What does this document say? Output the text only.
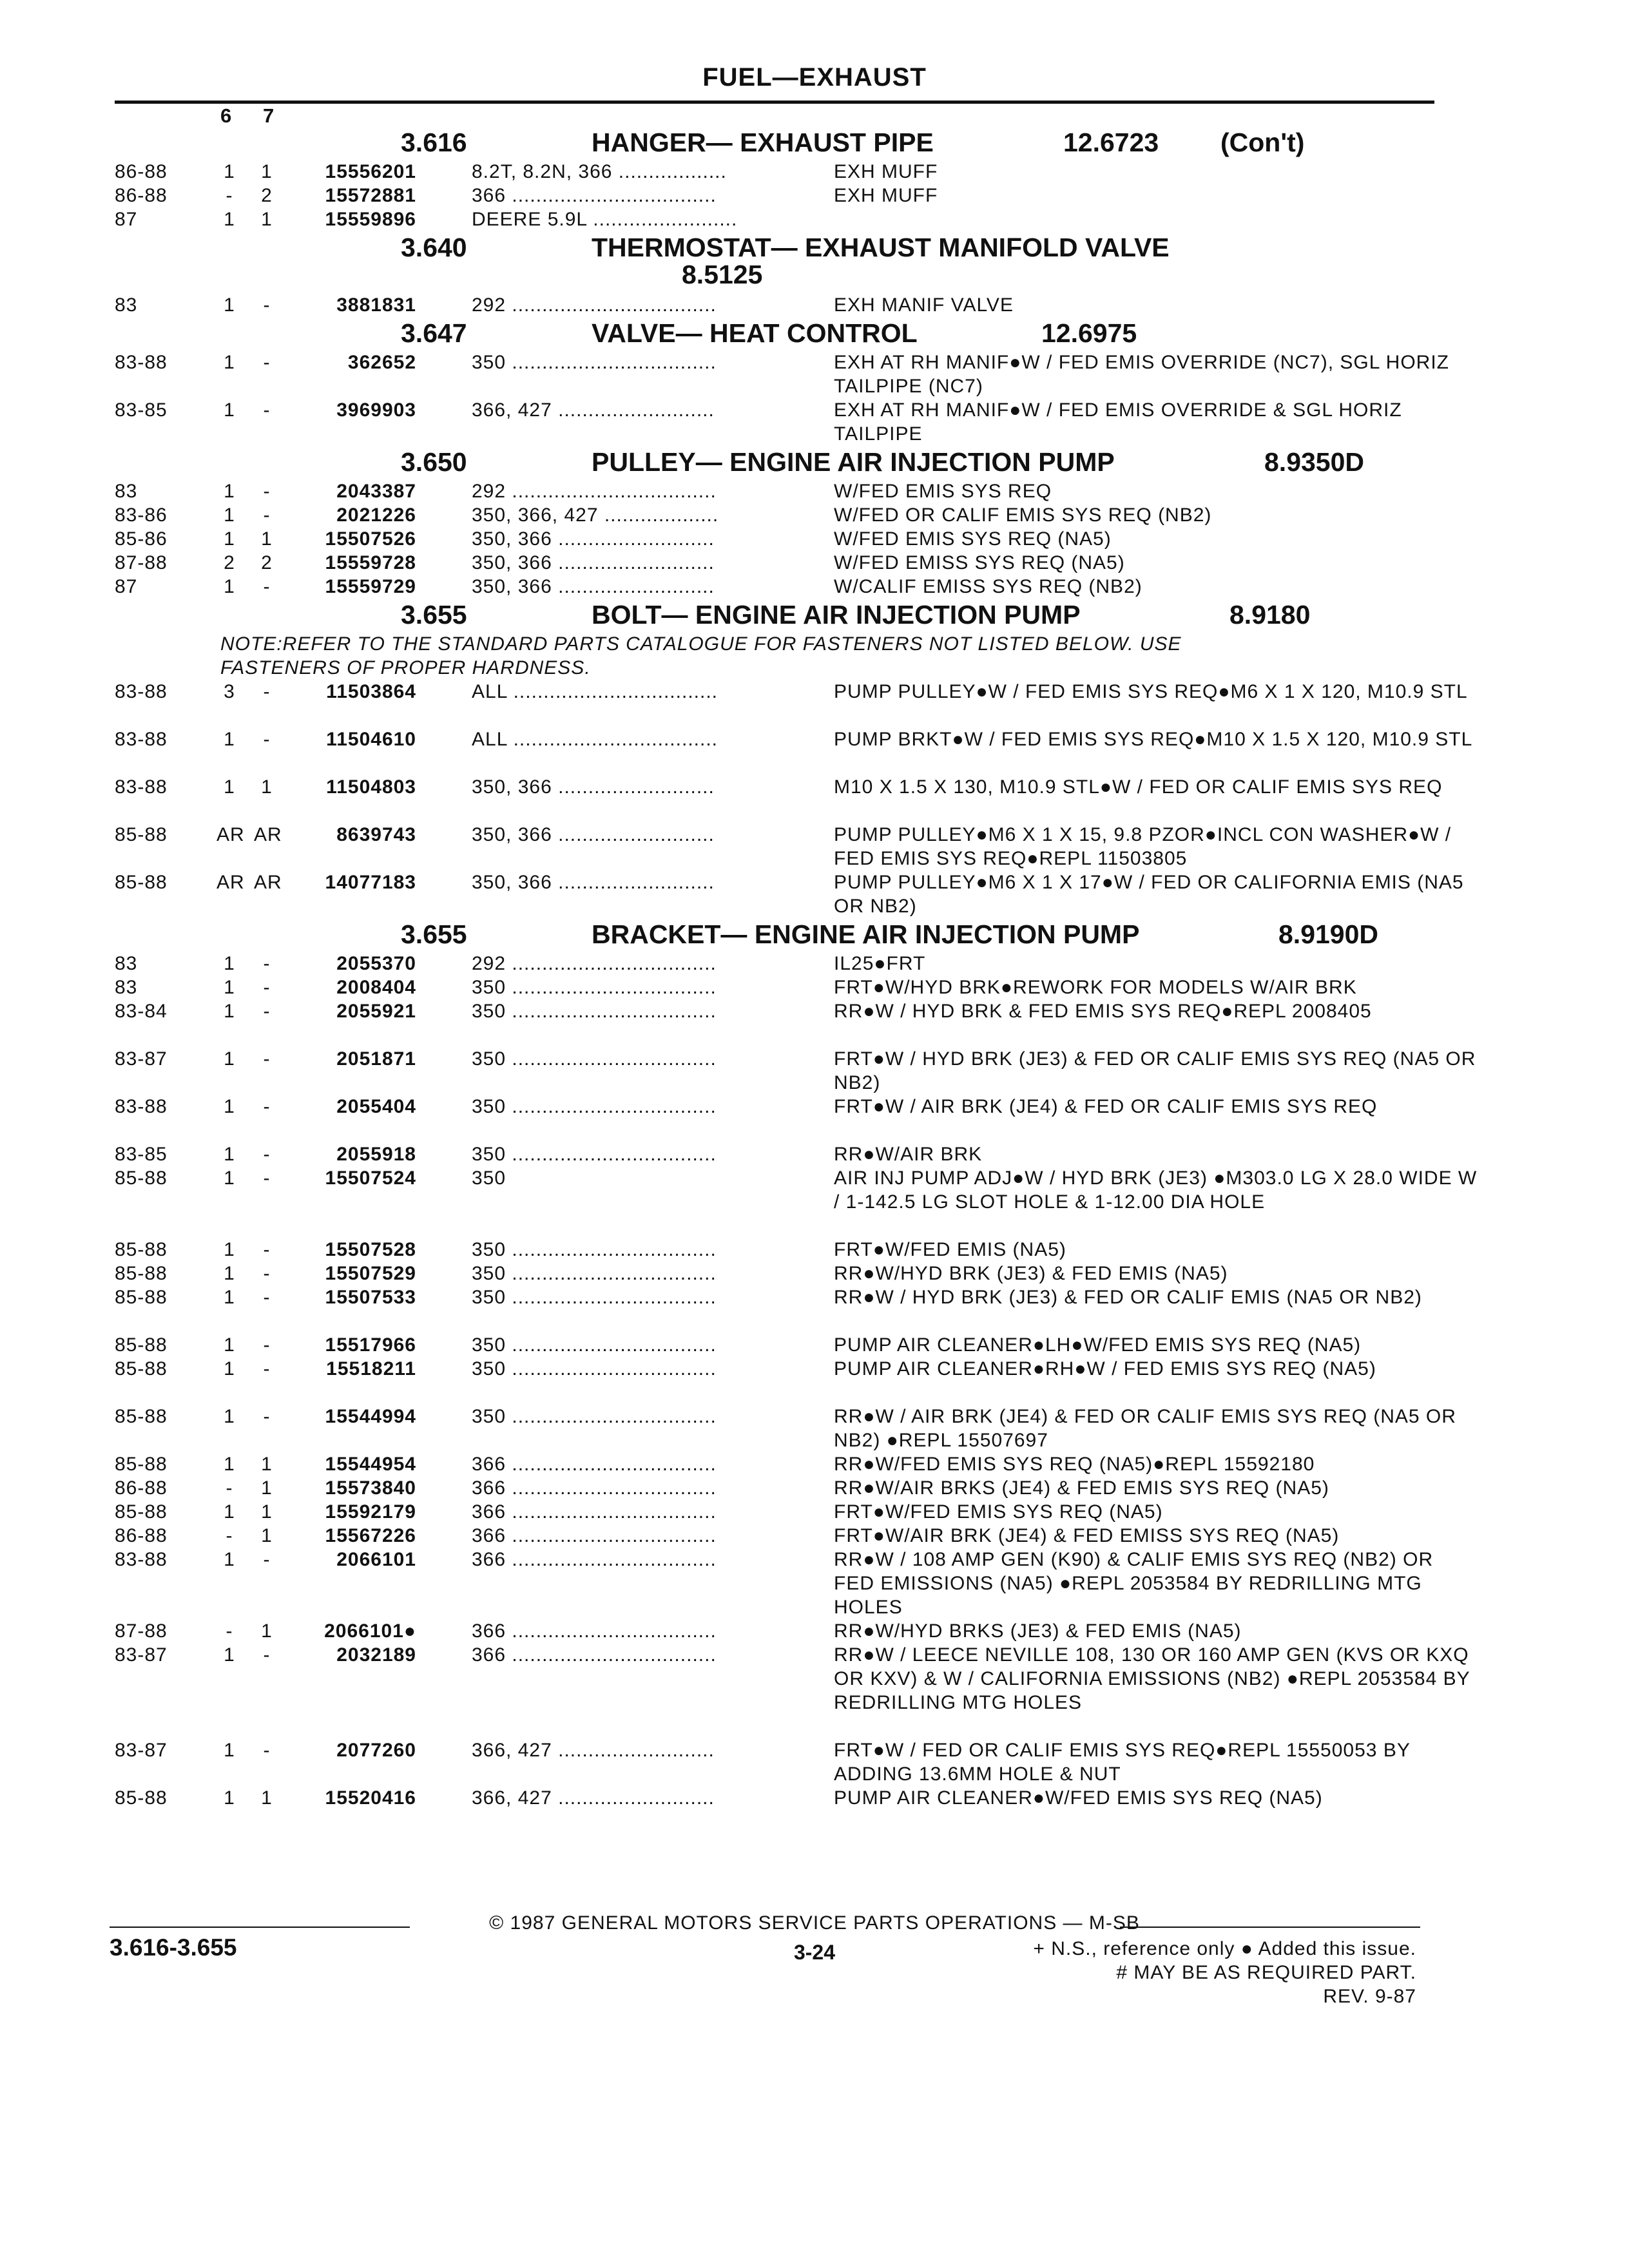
FUEL—EXHAUST
6 7
3.616	HANGER— EXHAUST PIPE	12.6723 (Con't)
86-88	1	1	15556201	8.2T, 8.2N, 366 ..................	EXH MUFF
86-88	-	2	15572881	366 ..................................	EXH MUFF
87	1	1	15559896	DEERE 5.9L ........................
3.640	THERMOSTAT— EXHAUST MANIFOLD VALVE
8.5125
83	1	-	3881831	292 ..................................	EXH MANIF VALVE
3.647	VALVE— HEAT CONTROL	12.6975
83-88	1	-	362652	350 ..................................	EXH AT RH MANIF●W / FED EMIS OVERRIDE (NC7), SGL HORIZ TAILPIPE (NC7)
83-85	1	-	3969903	366, 427 ..........................	EXH AT RH MANIF●W / FED EMIS OVERRIDE & SGL HORIZ TAILPIPE
3.650	PULLEY— ENGINE AIR INJECTION PUMP	8.9350D
83	1	-	2043387	292 ..................................	W/FED EMIS SYS REQ
83-86	1	-	2021226	350, 366, 427 ...................	W/FED OR CALIF EMIS SYS REQ (NB2)
85-86	1	1	15507526	350, 366 ..........................	W/FED EMIS SYS REQ (NA5)
87-88	2	2	15559728	350, 366 ..........................	W/FED EMISS SYS REQ (NA5)
87	1	-	15559729	350, 366 ..........................	W/CALIF EMISS SYS REQ (NB2)
3.655	BOLT— ENGINE AIR INJECTION PUMP	8.9180
NOTE:REFER TO THE STANDARD PARTS CATALOGUE FOR FASTENERS NOT LISTED BELOW. USE
FASTENERS OF PROPER HARDNESS.
83-88	3	-	11503864	ALL ..................................	PUMP PULLEY●W / FED EMIS SYS REQ●M6 X 1 X 120, M10.9 STL
83-88	1	-	11504610	ALL ..................................	PUMP BRKT●W / FED EMIS SYS REQ●M10 X 1.5 X 120, M10.9 STL
83-88	1	1	11504803	350, 366 ..........................	M10 X 1.5 X 130, M10.9 STL●W / FED OR CALIF EMIS SYS REQ
85-88	AR AR	8639743	350, 366 ..........................	PUMP PULLEY●M6 X 1 X 15, 9.8 PZOR●INCL CON WASHER●W / FED EMIS SYS REQ●REPL 11503805
85-88	AR AR	14077183	350, 366 ..........................	PUMP PULLEY●M6 X 1 X 17●W / FED OR CALIFORNIA EMIS (NA5 OR NB2)
3.655	BRACKET— ENGINE AIR INJECTION PUMP	8.9190D
83	1	-	2055370	292 ..................................	IL25●FRT
83	1	-	2008404	350 ..................................	FRT●W/HYD BRK●REWORK FOR MODELS W/AIR BRK
83-84	1	-	2055921	350 ..................................	RR●W / HYD BRK & FED EMIS SYS REQ●REPL 2008405
83-87	1	-	2051871	350 ..................................	FRT●W / HYD BRK (JE3) & FED OR CALIF EMIS SYS REQ (NA5 OR NB2)
83-88	1	-	2055404	350 ..................................	FRT●W / AIR BRK (JE4) & FED OR CALIF EMIS SYS REQ
83-85	1	-	2055918	350 ..................................	RR●W/AIR BRK
85-88	1	-	15507524	350	AIR INJ PUMP ADJ●W / HYD BRK (JE3) ●M303.0 LG X 28.0 WIDE W / 1-142.5 LG SLOT HOLE & 1-12.00 DIA HOLE
85-88	1	-	15507528	350 ..................................	FRT●W/FED EMIS (NA5)
85-88	1	-	15507529	350 ..................................	RR●W/HYD BRK (JE3) & FED EMIS (NA5)
85-88	1	-	15507533	350 ..................................	RR●W / HYD BRK (JE3) & FED OR CALIF EMIS (NA5 OR NB2)
85-88	1	-	15517966	350 ..................................	PUMP AIR CLEANER●LH●W/FED EMIS SYS REQ (NA5)
85-88	1	-	15518211	350 ..................................	PUMP AIR CLEANER●RH●W / FED EMIS SYS REQ (NA5)
85-88	1	-	15544994	350 ..................................	RR●W / AIR BRK (JE4) & FED OR CALIF EMIS SYS REQ (NA5 OR NB2) ●REPL 15507697
85-88	1	1	15544954	366 ..................................	RR●W/FED EMIS SYS REQ (NA5)●REPL 15592180
86-88	-	1	15573840	366 ..................................	RR●W/AIR BRKS (JE4) & FED EMIS SYS REQ (NA5)
85-88	1	1	15592179	366 ..................................	FRT●W/FED EMIS SYS REQ (NA5)
86-88	-	1	15567226	366 ..................................	FRT●W/AIR BRK (JE4) & FED EMISS SYS REQ (NA5)
83-88	1	-	2066101	366 ..................................	RR●W / 108 AMP GEN (K90) & CALIF EMIS SYS REQ (NB2) OR FED EMISSIONS (NA5) ●REPL 2053584 BY REDRILLING MTG HOLES
87-88	-	1	2066101●	366 ..................................	RR●W/HYD BRKS (JE3) & FED EMIS (NA5)
83-87	1	-	2032189	366 ..................................	RR●W / LEECE NEVILLE 108, 130 OR 160 AMP GEN (KVS OR KXQ OR KXV) & W / CALIFORNIA EMISSIONS (NB2) ●REPL 2053584 BY REDRILLING MTG HOLES
83-87	1	-	2077260	366, 427 ..........................	FRT●W / FED OR CALIF EMIS SYS REQ●REPL 15550053 BY ADDING 13.6MM HOLE & NUT
85-88	1	1	15520416	366, 427 ..........................	PUMP AIR CLEANER●W/FED EMIS SYS REQ (NA5)
© 1987 GENERAL MOTORS SERVICE PARTS OPERATIONS — M-SB
3.616-3.655	3-24	+ N.S., reference only ● Added this issue.
# MAY BE AS REQUIRED PART.
REV. 9-87
